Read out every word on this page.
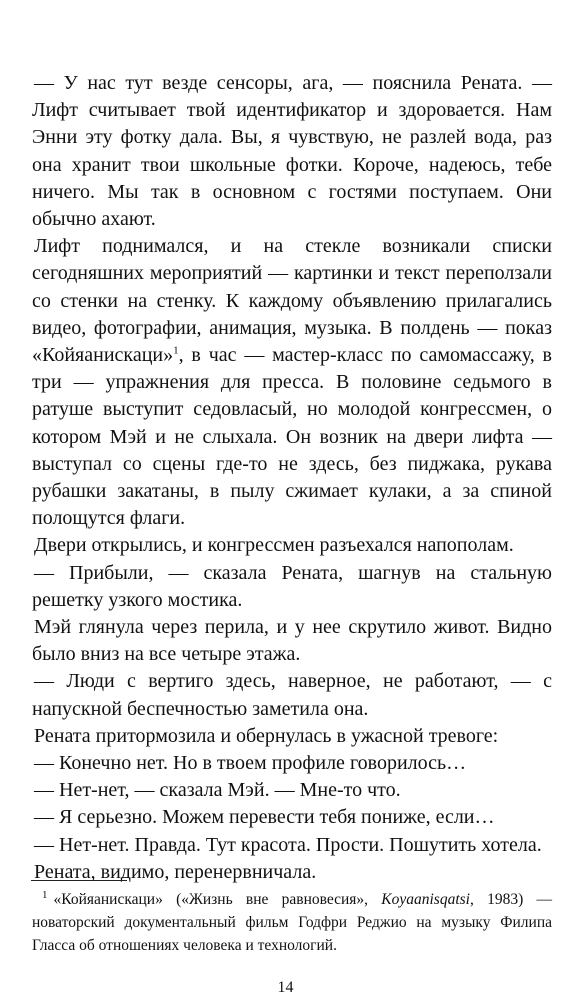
— У нас тут везде сенсоры, ага, — пояснила Рената. — Лифт считывает твой идентификатор и здоровается. Нам Энни эту фотку дала. Вы, я чувствую, не разлей вода, раз она хранит твои школьные фотки. Короче, надеюсь, тебе ничего. Мы так в основном с гостями поступаем. Они обычно ахают.

Лифт поднимался, и на стекле возникали списки сегодняшних мероприятий — картинки и текст переползали со стенки на стенку. К каждому объявлению прилагались видео, фотографии, анимация, музыка. В полдень — показ «Койяанискаци»$^1$, в час — мастер-класс по самомассажу, в три — упражнения для пресса. В половине седьмого в ратуше выступит седовласый, но молодой конгрессмен, о котором Мэй и не слыхала. Он возник на двери лифта — выступал со сцены где-то не здесь, без пиджака, рукава рубашки закатаны, в пылу сжимает кулаки, а за спиной полощутся флаги.

Двери открылись, и конгрессмен разъехался напополам.

— Прибыли, — сказала Рената, шагнув на стальную решетку узкого мостика.

Мэй глянула через перила, и у нее скрутило живот. Видно было вниз на все четыре этажа.

— Люди с вертиго здесь, наверное, не работают, — с напускной беспечностью заметила она.

Рената притормозила и обернулась в ужасной тревоге:

— Конечно нет. Но в твоем профиле говорилось…

— Нет-нет, — сказала Мэй. — Мне-то что.

— Я серьезно. Можем перевести тебя пониже, если…

— Нет-нет. Правда. Тут красота. Прости. Пошутить хотела.

Рената, видимо, перенервничала.

$^1$ «Койяанискаци» («Жизнь вне равновесия», Koyaanisqatsi, 1983) — новаторский документальный фильм Годфри Реджио на музыку Филипа Гласса об отношениях человека и технологий.
14
